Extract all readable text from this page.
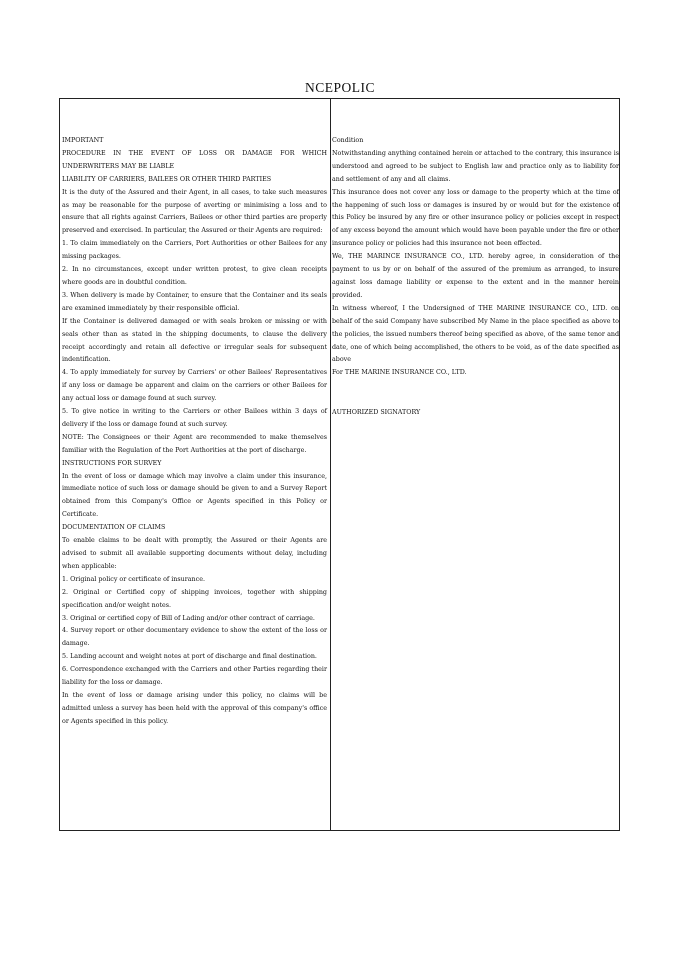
NCEPOLIC

IMPORTANT

PROCEDURE IN THE EVENT OF LOSS OR DAMAGE FOR WHICH UNDERWRITERS MAY BE LIABLE

LIABILITY OF CARRIERS, BAILEES OR OTHER THIRD PARTIES

It is the duty of the Assured and their Agent, in all cases, to take such measures as may be reasonable for the purpose of averting or minimising a loss and to ensure that all rights against Carriers, Bailees or other third parties are properly preserved and exercised. In particular, the Assured or their Agents are required:

1. To claim immediately on the Carriers, Port Authorities or other Bailees for any missing packages.

2. In no circumstances, except under written protest, to give clean receipts where goods are in doubtful condition.

3. When delivery is made by Container, to ensure that the Container and its seals are examined immediately by their responsible official.

If the Container is delivered damaged or with seals broken or missing or with seals other than as stated in the shipping documents, to clause the delivery receipt accordingly and retain all defective or irregular seals for subsequent indentification.

4. To apply immediately for survey by Carriers' or other Bailees' Representatives if any loss or damage be apparent and claim on the carriers or other Bailees for any actual loss or damage found at such survey.

5. To give notice in writing to the Carriers or other Bailees within 3 days of delivery if the loss or damage found at such survey.

NOTE: The Consignees or their Agent are recommended to make themselves familiar with the Regulation of the Port Authorities at the port of discharge.

INSTRUCTIONS FOR SURVEY

In the event of loss or damage which may involve a claim under this insurance, immediate notice of such loss or damage should be given to and a Survey Report obtained from this Company's Office or Agents specified in this Policy or Certificate.

DOCUMENTATION OF CLAIMS

To enable claims to be dealt with promptly, the Assured or their Agents are advised to submit all available supporting documents without delay, including when applicable:

1. Original policy or certificate of insurance.

2. Original or Certified copy of shipping invoices, together with shipping specification and/or weight notes.

3. Original or certified copy of Bill of Lading and/or other contract of carriage.

4. Survey report or other documentary evidence to show the extent of the loss or damage.

5. Landing account and weight notes at port of discharge and final destination.

6. Correspondence exchanged with the Carriers and other Parties regarding their liability for the loss or damage.

In the event of loss or damage arising under this policy, no claims will be admitted unless a survey has been held with the approval of this company's office or Agents specified in this policy.

Condition

Notwithstanding anything contained herein or attached to the contrary, this insurance is understood and agreed to be subject to English law and practice only as to liability for and settlement of any and all claims.

This insurance does not cover any loss or damage to the property which at the time of the happening of such loss or damages is insured by or would but for the existence of this Policy be insured by any fire or other insurance policy or policies except in respect of any excess beyond the amount which would have been payable under the fire or other insurance policy or policies had this insurance not been effected.

We, THE MARINCE INSURANCE CO., LTD. hereby agree, in consideration of the payment to us by or on behalf of the assured of the premium as arranged, to insure against loss damage liability or expense to the extent and in the manner herein provided.

In witness whereof, I the Undersigned of THE MARINE INSURANCE CO., LTD. on behalf of the said Company have subscribed My Name in the place specified as above to the policies, the issued numbers thereof being specified as above, of the same tenor and date, one of which being accomplished, the others to be void, as of the date specified as above

For THE MARINE INSURANCE CO., LTD.

AUTHORIZED SIGNATORY
